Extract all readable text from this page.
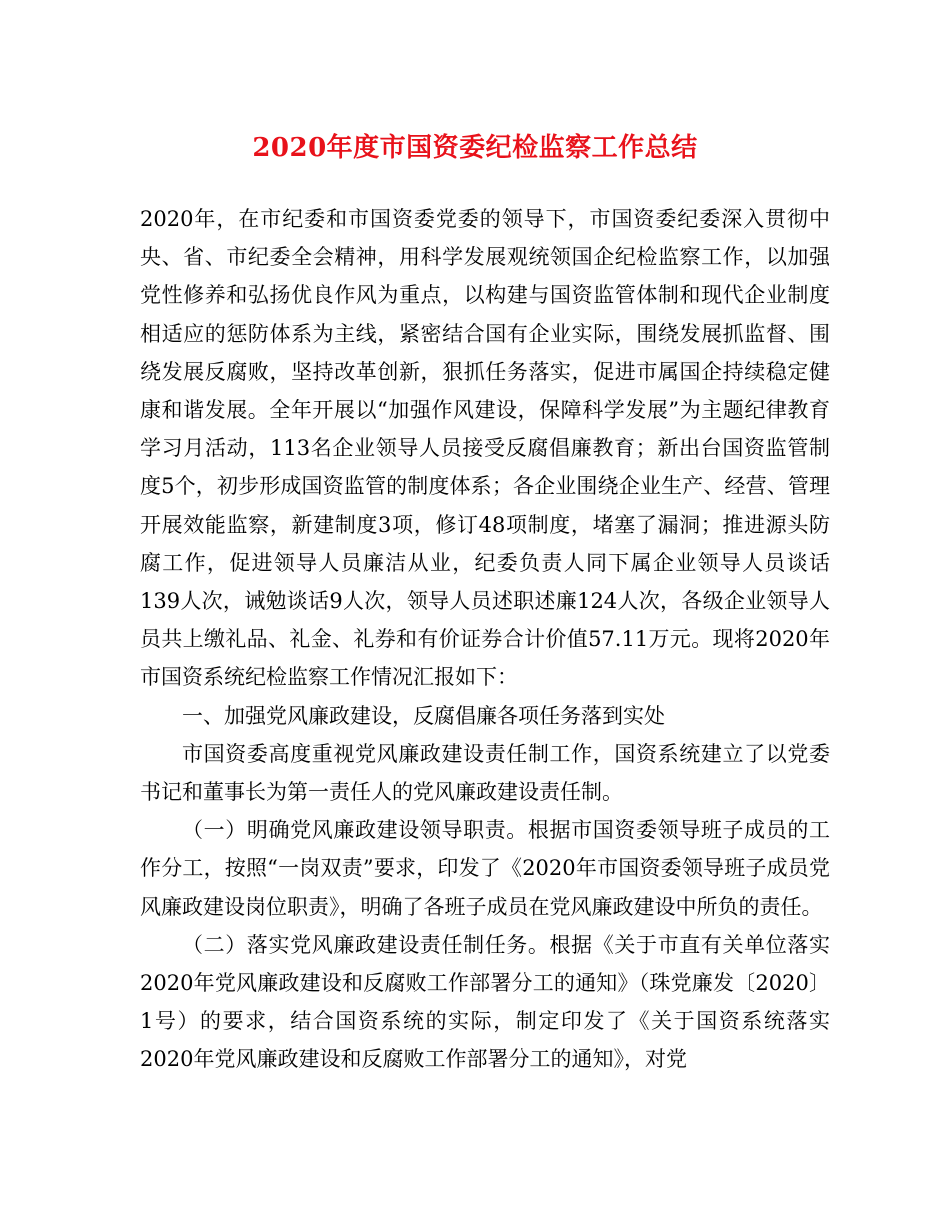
2020年度市国资委纪检监察工作总结

2020年，在市纪委和市国资委党委的领导下，市国资委纪委深入贯彻中央、省、市纪委全会精神，用科学发展观统领国企纪检监察工作，以加强党性修养和弘扬优良作风为重点，以构建与国资监管体制和现代企业制度相适应的惩防体系为主线，紧密结合国有企业实际，围绕发展抓监督、围绕发展反腐败，坚持改革创新，狠抓任务落实，促进市属国企持续稳定健康和谐发展。全年开展以“加强作风建设，保障科学发展”为主题纪律教育学习月活动，113名企业领导人员接受反腐倡廉教育；新出台国资监管制度5个，初步形成国资监管的制度体系；各企业围绕企业生产、经营、管理开展效能监察，新建制度3项，修订48项制度，堵塞了漏洞；推进源头防腐工作，促进领导人员廉洁从业，纪委负责人同下属企业领导人员谈话139人次，诫勉谈话9人次，领导人员述职述廉124人次，各级企业领导人员共上缴礼品、礼金、礼券和有价证券合计价值57.11万元。现将2020年市国资系统纪检监察工作情况汇报如下：

一、加强党风廉政建设，反腐倡廉各项任务落到实处

市国资委高度重视党风廉政建设责任制工作，国资系统建立了以党委书记和董事长为第一责任人的党风廉政建设责任制。

（一）明确党风廉政建设领导职责。根据市国资委领导班子成员的工作分工，按照“一岗双责”要求，印发了《2020年市国资委领导班子成员党风廉政建设岗位职责》，明确了各班子成员在党风廉政建设中所负的责任。

（二）落实党风廉政建设责任制任务。根据《关于市直有关单位落实2020年党风廉政建设和反腐败工作部署分工的通知》（珠党廉发〔2020〕1号）的要求，结合国资系统的实际，制定印发了《关于国资系统落实2020年党风廉政建设和反腐败工作部署分工的通知》，对党
